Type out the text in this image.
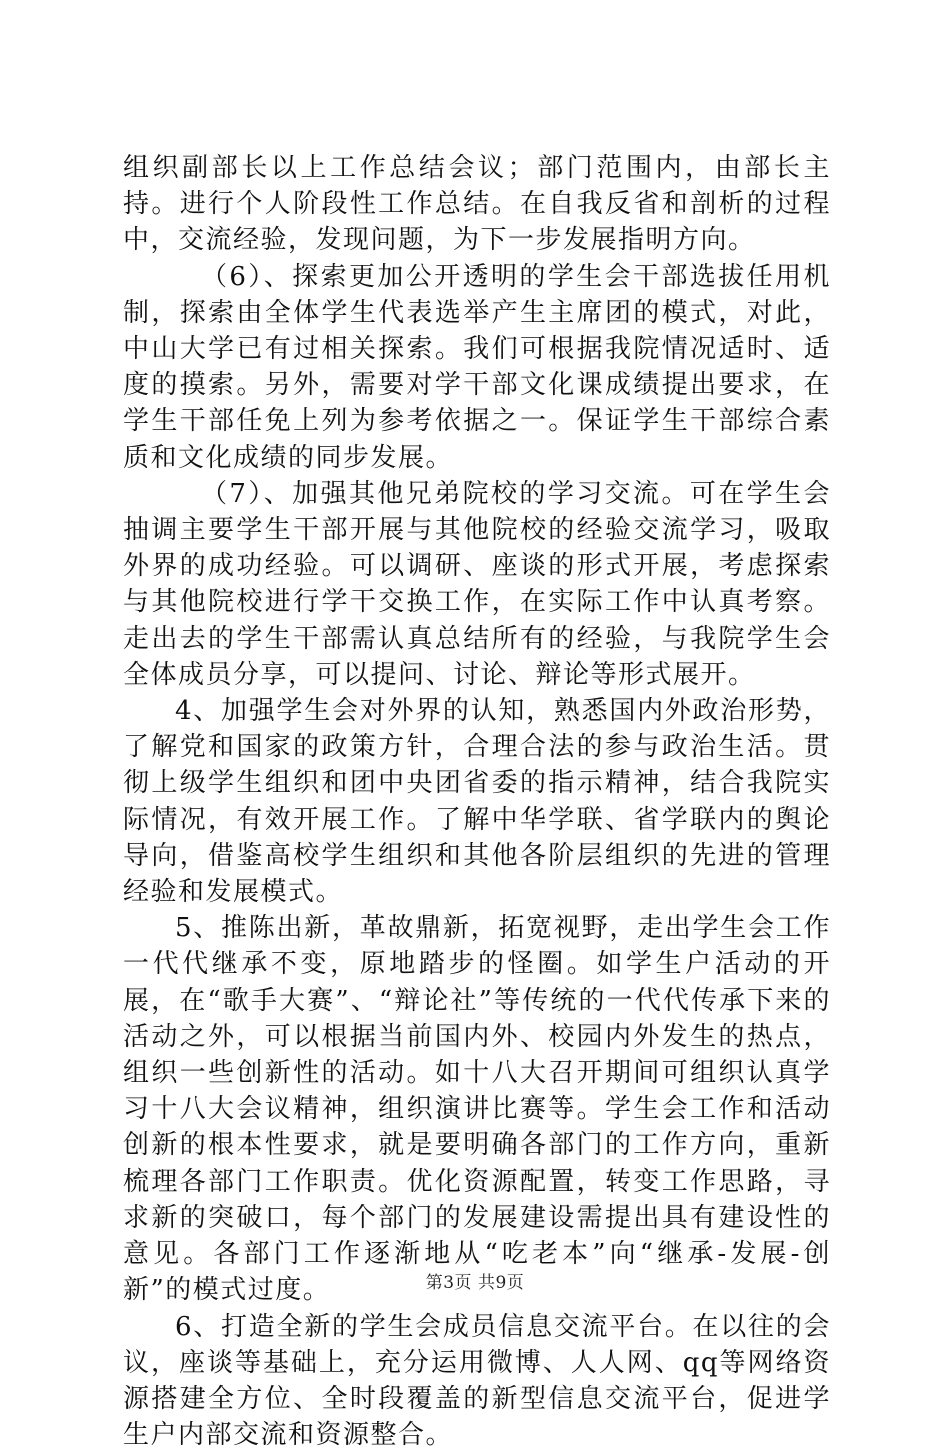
组织副部长以上工作总结会议；部门范围内，由部长主持。进行个人阶段性工作总结。在自我反省和剖析的过程中，交流经验，发现问题，为下一步发展指明方向。

（6）、探索更加公开透明的学生会干部选拔任用机制，探索由全体学生代表选举产生主席团的模式，对此，中山大学已有过相关探索。我们可根据我院情况适时、适度的摸索。另外，需要对学干部文化课成绩提出要求，在学生干部任免上列为参考依据之一。保证学生干部综合素质和文化成绩的同步发展。

（7）、加强其他兄弟院校的学习交流。可在学生会抽调主要学生干部开展与其他院校的经验交流学习，吸取外界的成功经验。可以调研、座谈的形式开展，考虑探索与其他院校进行学干交换工作，在实际工作中认真考察。走出去的学生干部需认真总结所有的经验，与我院学生会全体成员分享，可以提问、讨论、辩论等形式展开。

4、加强学生会对外界的认知，熟悉国内外政治形势，了解党和国家的政策方针，合理合法的参与政治生活。贯彻上级学生组织和团中央团省委的指示精神，结合我院实际情况，有效开展工作。了解中华学联、省学联内的舆论导向，借鉴高校学生组织和其他各阶层组织的先进的管理经验和发展模式。

5、推陈出新，革故鼎新，拓宽视野，走出学生会工作一代代继承不变，原地踏步的怪圈。如学生户活动的开展，在“歌手大赛”、“辩论社”等传统的一代代传承下来的活动之外，可以根据当前国内外、校园内外发生的热点，组织一些创新性的活动。如十八大召开期间可组织认真学习十八大会议精神，组织演讲比赛等。学生会工作和活动创新的根本性要求，就是要明确各部门的工作方向，重新梳理各部门工作职责。优化资源配置，转变工作思路，寻求新的突破口，每个部门的发展建设需提出具有建设性的意见。各部门工作逐渐地从“吃老本”向“继承-发展-创新”的模式过度。

6、打造全新的学生会成员信息交流平台。在以往的会议，座谈等基础上，充分运用微博、人人网、qq等网络资源搭建全方位、全时段覆盖的新型信息交流平台，促进学生户内部交流和资源整合。

第3页 共9页
